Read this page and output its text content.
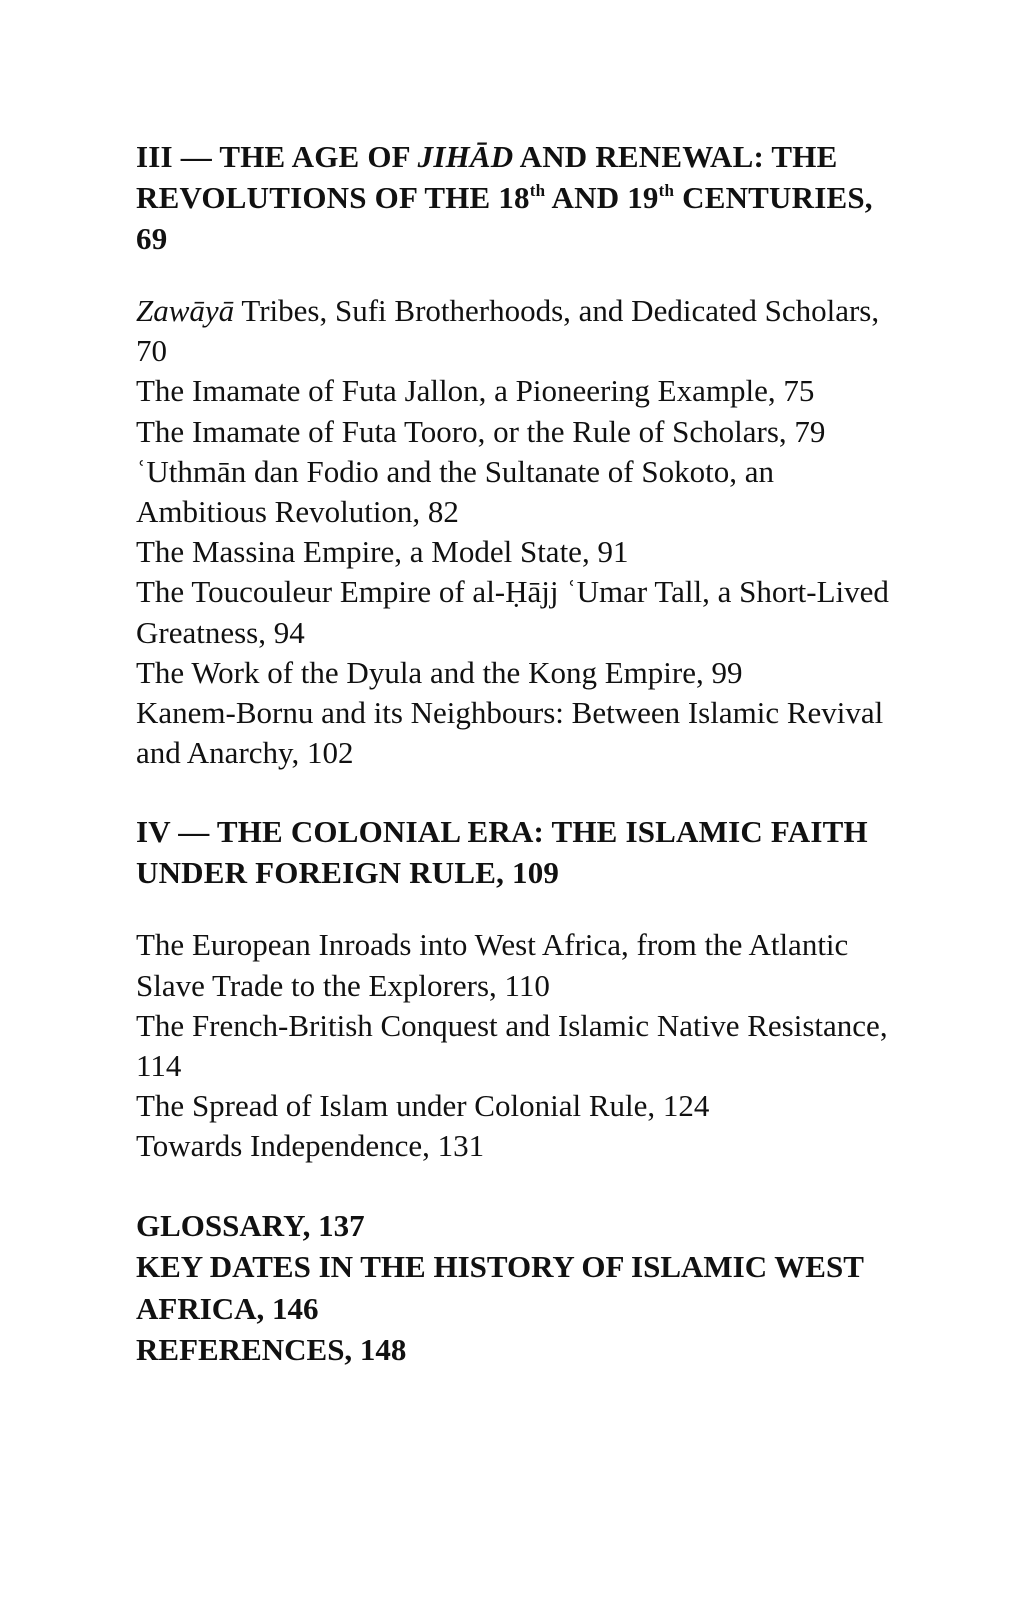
III — THE AGE OF JIHĀD AND RENEWAL: THE REVOLUTIONS OF THE 18th AND 19th CENTURIES, 69
Zawāyā Tribes, Sufi Brotherhoods, and Dedicated Scholars, 70
The Imamate of Futa Jallon, a Pioneering Example, 75
The Imamate of Futa Tooro, or the Rule of Scholars, 79
ʿUthmān dan Fodio and the Sultanate of Sokoto, an Ambitious Revolution, 82
The Massina Empire, a Model State, 91
The Toucouleur Empire of al-Ḥājj ʿUmar Tall, a Short-Lived Greatness, 94
The Work of the Dyula and the Kong Empire, 99
Kanem-Bornu and its Neighbours: Between Islamic Revival and Anarchy, 102
IV — THE COLONIAL ERA: THE ISLAMIC FAITH UNDER FOREIGN RULE, 109
The European Inroads into West Africa, from the Atlantic Slave Trade to the Explorers, 110
The French-British Conquest and Islamic Native Resistance, 114
The Spread of Islam under Colonial Rule, 124
Towards Independence, 131

GLOSSARY, 137

KEY DATES IN THE HISTORY OF ISLAMIC WEST AFRICA, 146

REFERENCES, 148
